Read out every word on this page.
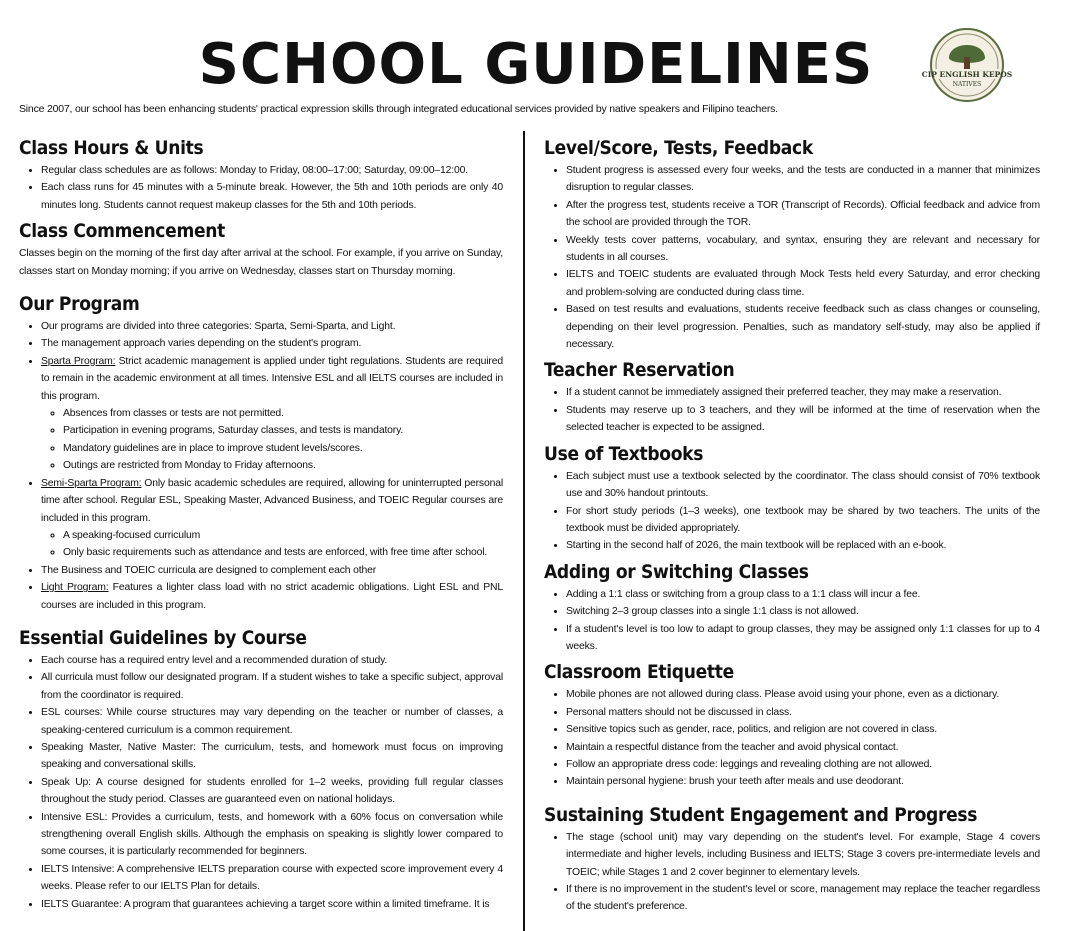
SCHOOL GUIDELINES	CIP ENGLISH KEPOS
NATIVES
Since 2007, our school has been enhancing students' practical expression skills through integrated educational services provided by native speakers and Filipino teachers.
Class Hours & Units
• Regular class schedules are as follows: Monday to Friday, 08:00–17:00; Saturday, 09:00–12:00.
• Each class runs for 45 minutes with a 5-minute break. However, the 5th and 10th periods are only 40 minutes long. Students cannot request makeup classes for the 5th and 10th periods.
Class Commencement

Classes begin on the morning of the first day after arrival at the school. For example, if you arrive on Sunday, classes start on Monday morning; if you arrive on Wednesday, classes start on Thursday morning.

Our Program
• Our programs are divided into three categories: Sparta, Semi-Sparta, and Light.
• The management approach varies depending on the student's program.
• Sparta Program: Strict academic management is applied under tight regulations. Students are required to remain in the academic environment at all times. Intensive ESL and all IELTS courses are included in this program.
◦ Absences from classes or tests are not permitted.
◦ Participation in evening programs, Saturday classes, and tests is mandatory.
◦ Mandatory guidelines are in place to improve student levels/scores.
◦ Outings are restricted from Monday to Friday afternoons.
• Semi-Sparta Program: Only basic academic schedules are required, allowing for uninterrupted personal time after school. Regular ESL, Speaking Master, Advanced Business, and TOEIC Regular courses are included in this program.
◦ A speaking-focused curriculum
◦ Only basic requirements such as attendance and tests are enforced, with free time after school.
• The Business and TOEIC curricula are designed to complement each other
• Light Program: Features a lighter class load with no strict academic obligations. Light ESL and PNL courses are included in this program.
Essential Guidelines by Course
• Each course has a required entry level and a recommended duration of study.
• All curricula must follow our designated program. If a student wishes to take a specific subject, approval from the coordinator is required.
• ESL courses: While course structures may vary depending on the teacher or number of classes, a speaking-centered curriculum is a common requirement.
• Speaking Master, Native Master: The curriculum, tests, and homework must focus on improving speaking and conversational skills.
• Speak Up: A course designed for students enrolled for 1–2 weeks, providing full regular classes throughout the study period. Classes are guaranteed even on national holidays.
• Intensive ESL: Provides a curriculum, tests, and homework with a 60% focus on conversation while strengthening overall English skills. Although the emphasis on speaking is slightly lower compared to some courses, it is particularly recommended for beginners.
• IELTS Intensive: A comprehensive IELTS preparation course with expected score improvement every 4 weeks. Please refer to our IELTS Plan for details.
• IELTS Guarantee: A program that guarantees achieving a target score within a limited timeframe. It is
Level/Score, Tests, Feedback
• Student progress is assessed every four weeks, and the tests are conducted in a manner that minimizes disruption to regular classes.
• After the progress test, students receive a TOR (Transcript of Records). Official feedback and advice from the school are provided through the TOR.
• Weekly tests cover patterns, vocabulary, and syntax, ensuring they are relevant and necessary for students in all courses.
• IELTS and TOEIC students are evaluated through Mock Tests held every Saturday, and error checking and problem-solving are conducted during class time.
• Based on test results and evaluations, students receive feedback such as class changes or counseling, depending on their level progression. Penalties, such as mandatory self-study, may also be applied if necessary.
Teacher Reservation
• If a student cannot be immediately assigned their preferred teacher, they may make a reservation.
• Students may reserve up to 3 teachers, and they will be informed at the time of reservation when the selected teacher is expected to be assigned.
Use of Textbooks
• Each subject must use a textbook selected by the coordinator. The class should consist of 70% textbook use and 30% handout printouts.
• For short study periods (1–3 weeks), one textbook may be shared by two teachers. The units of the textbook must be divided appropriately.
• Starting in the second half of 2026, the main textbook will be replaced with an e-book.
Adding or Switching Classes
• Adding a 1:1 class or switching from a group class to a 1:1 class will incur a fee.
• Switching 2–3 group classes into a single 1:1 class is not allowed.
• If a student's level is too low to adapt to group classes, they may be assigned only 1:1 classes for up to 4 weeks.
Classroom Etiquette
• Mobile phones are not allowed during class. Please avoid using your phone, even as a dictionary.
• Personal matters should not be discussed in class.
• Sensitive topics such as gender, race, politics, and religion are not covered in class.
• Maintain a respectful distance from the teacher and avoid physical contact.
• Follow an appropriate dress code: leggings and revealing clothing are not allowed.
• Maintain personal hygiene: brush your teeth after meals and use deodorant.
Sustaining Student Engagement and Progress
• The stage (school unit) may vary depending on the student's level. For example, Stage 4 covers intermediate and higher levels, including Business and IELTS; Stage 3 covers pre-intermediate levels and TOEIC; while Stages 1 and 2 cover beginner to elementary levels.
• If there is no improvement in the student's level or score, management may replace the teacher regardless of the student's preference.
